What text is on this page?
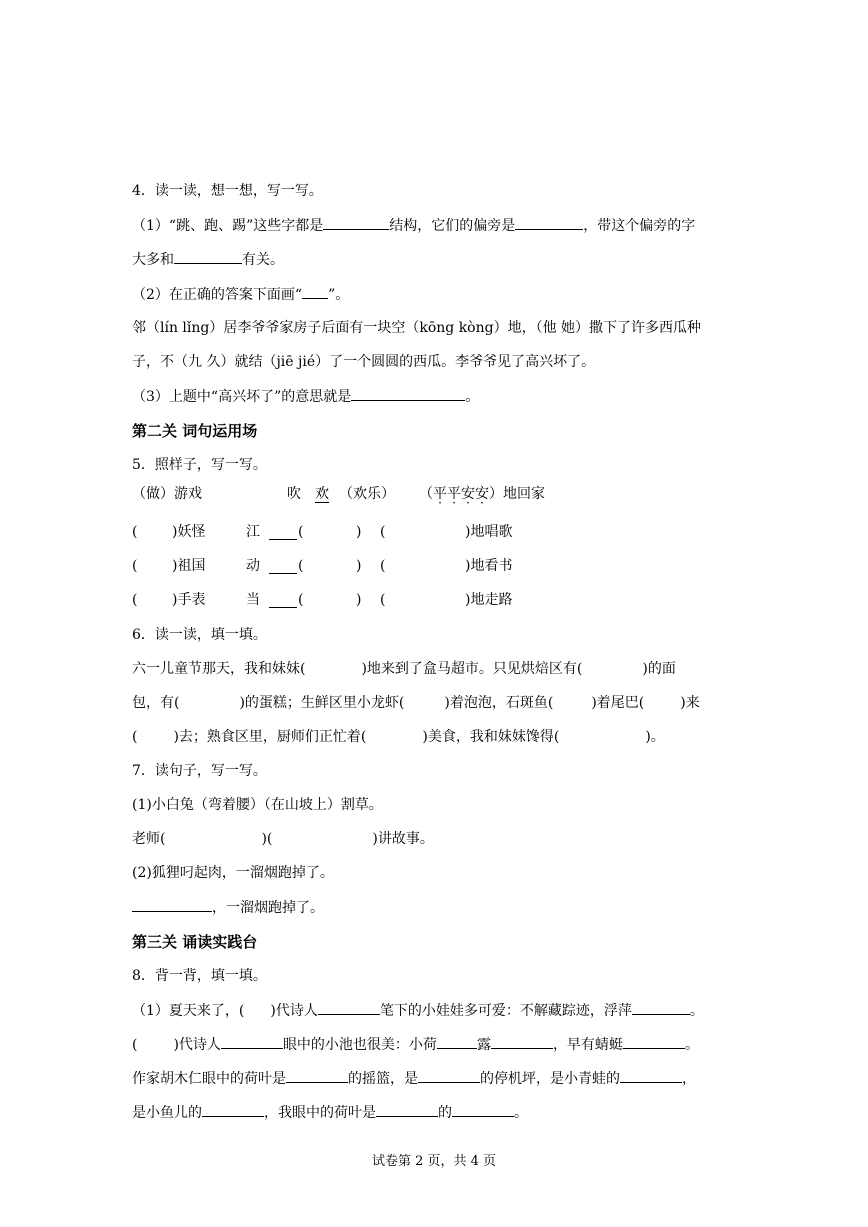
4．读一读，想一想，写一写。
（1）“跳、跑、踢”这些字都是	结构，它们的偏旁是	，带这个偏旁的字
大多和	有关。
（2）在正确的答案下面画“ ”。
邻（lín lǐng）居李爷爷家房子后面有一块空（kōng kòng）地，（他 她）撒下了许多西瓜种
子，不（九 久）就结（jiē jié）了一个圆圆的西瓜。李爷爷见了高兴坏了。
（3）上题中“高兴坏了”的意思就是	。
第二关 词句运用场
5．照样子，写一写。
（做）游戏	吹 欢 （欢乐） （平平安安）地回家
( )妖怪	江	(	) (	)地唱歌
( )祖国	动	(	) (	)地看书
( )手表	当	(	) (	)地走路
6．读一读，填一填。
六一儿童节那天，我和妹妹(	)地来到了盒马超市。只见烘焙区有(	)的面
包，有(	)的蛋糕；生鲜区里小龙虾(	)着泡泡，石斑鱼(	)着尾巴(	)来
(	)去；熟食区里，厨师们正忙着(	)美食，我和妹妹馋得(	)。
7．读句子，写一写。
(1)小白兔（弯着腰）（在山坡上）割草。
老师(	)(	)讲故事。
(2)狐狸叼起肉，一溜烟跑掉了。
，一溜烟跑掉了。
第三关 诵读实践台
8．背一背，填一填。
（1）夏天来了，( )代诗人	笔下的小娃娃多可爱：不解藏踪迹，浮萍	。
(	)代诗人	眼中的小池也很美：小荷	露	，早有蜻蜓	。
作家胡木仁眼中的荷叶是	的摇篮，是	的停机坪，是小青蛙的	，
是小鱼儿的	，我眼中的荷叶是	的	。
试卷第 2 页，共 4 页
